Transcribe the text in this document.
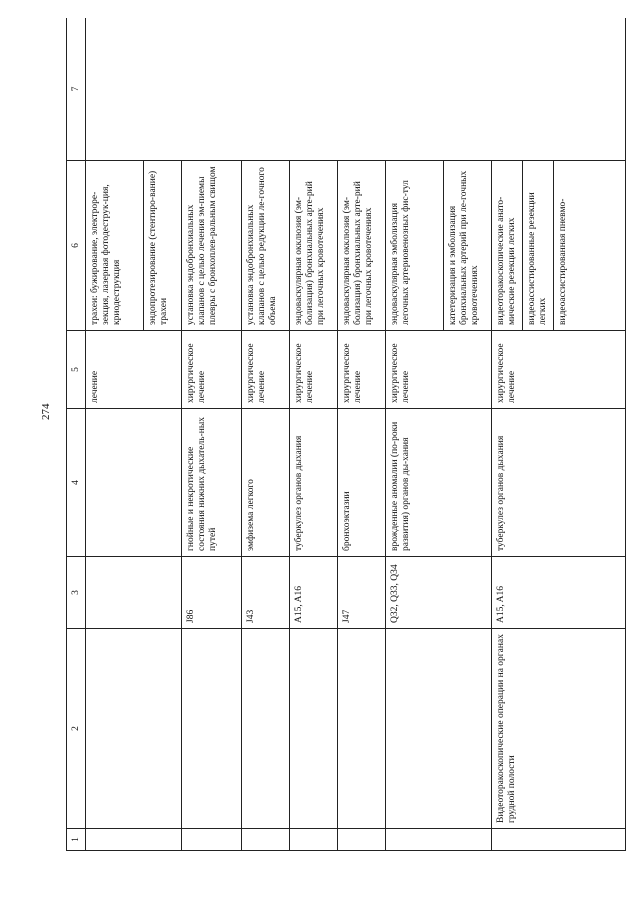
274
1	2	3	4	5	6	7
				лечение	трахеи: бужирование, электроре-зекция, лазерная фотодеструк-ция, криодеструкция	
					эндопротезирование (стентиро-вание) трахеи	
		J86	гнойные и некротические состояния нижних дыхатель-ных путей	хирургическое лечение	установка эндобронхиальных клапанов с целью лечения эм-пиемы плевры с бронхоплев-ральным свищом	
		J43	эмфизема легкого	хирургическое лечение	установка эндобронхиальных клапанов с целью редукции ле-гочного объема	
		A15, A16	туберкулез органов дыхания	хирургическое лечение	эндоваскулярная окклюзия (эм-болизация) бронхиальных арте-рий при легочных кровотечениях	
		J47	бронхоэктазии	хирургическое лечение	эндоваскулярная окклюзия (эм-болизация) бронхиальных арте-рий при легочных кровотечениях	
		Q32, Q33, Q34	врожденные аномалии (по-роки развития) органов ды-хания	хирургическое лечение	эндоваскулярная эмболизация легочных артериовенозных фис-тул	
					катетеризация и эмболизация бронхиальных артерий при ле-гочных кровотечениях	
	Видеоторакоскопические операции на органах грудной полости	A15, A16	туберкулез органов дыхания	хирургическое лечение	видеоторакоскопические анато-мические резекции легких	
					видеоассистированные резекции легких	
					видеоассистированная пневмо-	
